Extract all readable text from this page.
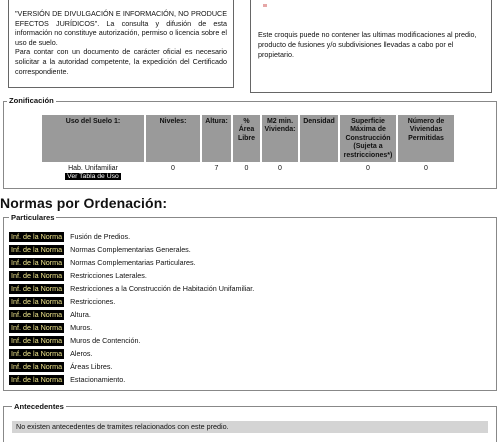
"VERSIÓN DE DIVULGACIÓN E INFORMACIÓN, NO PRODUCE EFECTOS JURÍDICOS". La consulta y difusión de esta información no constituye autorización, permiso o licencia sobre el uso de suelo.
Para contar con un documento de carácter oficial es necesario solicitar a la autoridad competente, la expedición del Certificado correspondiente.
Este croquis puede no contener las ultimas modificaciones al predio, producto de fusiones y/o subdivisiones llevadas a cabo por el propietario.
Zonificación
Uso del Suelo 1:	Niveles:	Altura:	% Área Libre	M2 min. Vivienda:	Densidad	Superficie Máxima de Construcción (Sujeta a restricciones*)	Número de Viviendas Permitidas

Hab. Unifamiliar
Ver Tabla de Uso	0	7	0	0		0	0
Normas por Ordenación:
Particulares
Inf. de la Norma Fusión de Predios.
Inf. de la Norma Normas Complementarias Generales.
Inf. de la Norma Normas Complementarias Particulares.
Inf. de la Norma Restricciones Laterales.
Inf. de la Norma Restricciones a la Construcción de Habitación Unifamiliar.
Inf. de la Norma Restricciones.
Inf. de la Norma Altura.
Inf. de la Norma Muros.
Inf. de la Norma Muros de Contención.
Inf. de la Norma Aleros.
Inf. de la Norma Áreas Libres.
Inf. de la Norma Estacionamiento.
Antecedentes
No existen antecedentes de tramites relacionados con este predio.
